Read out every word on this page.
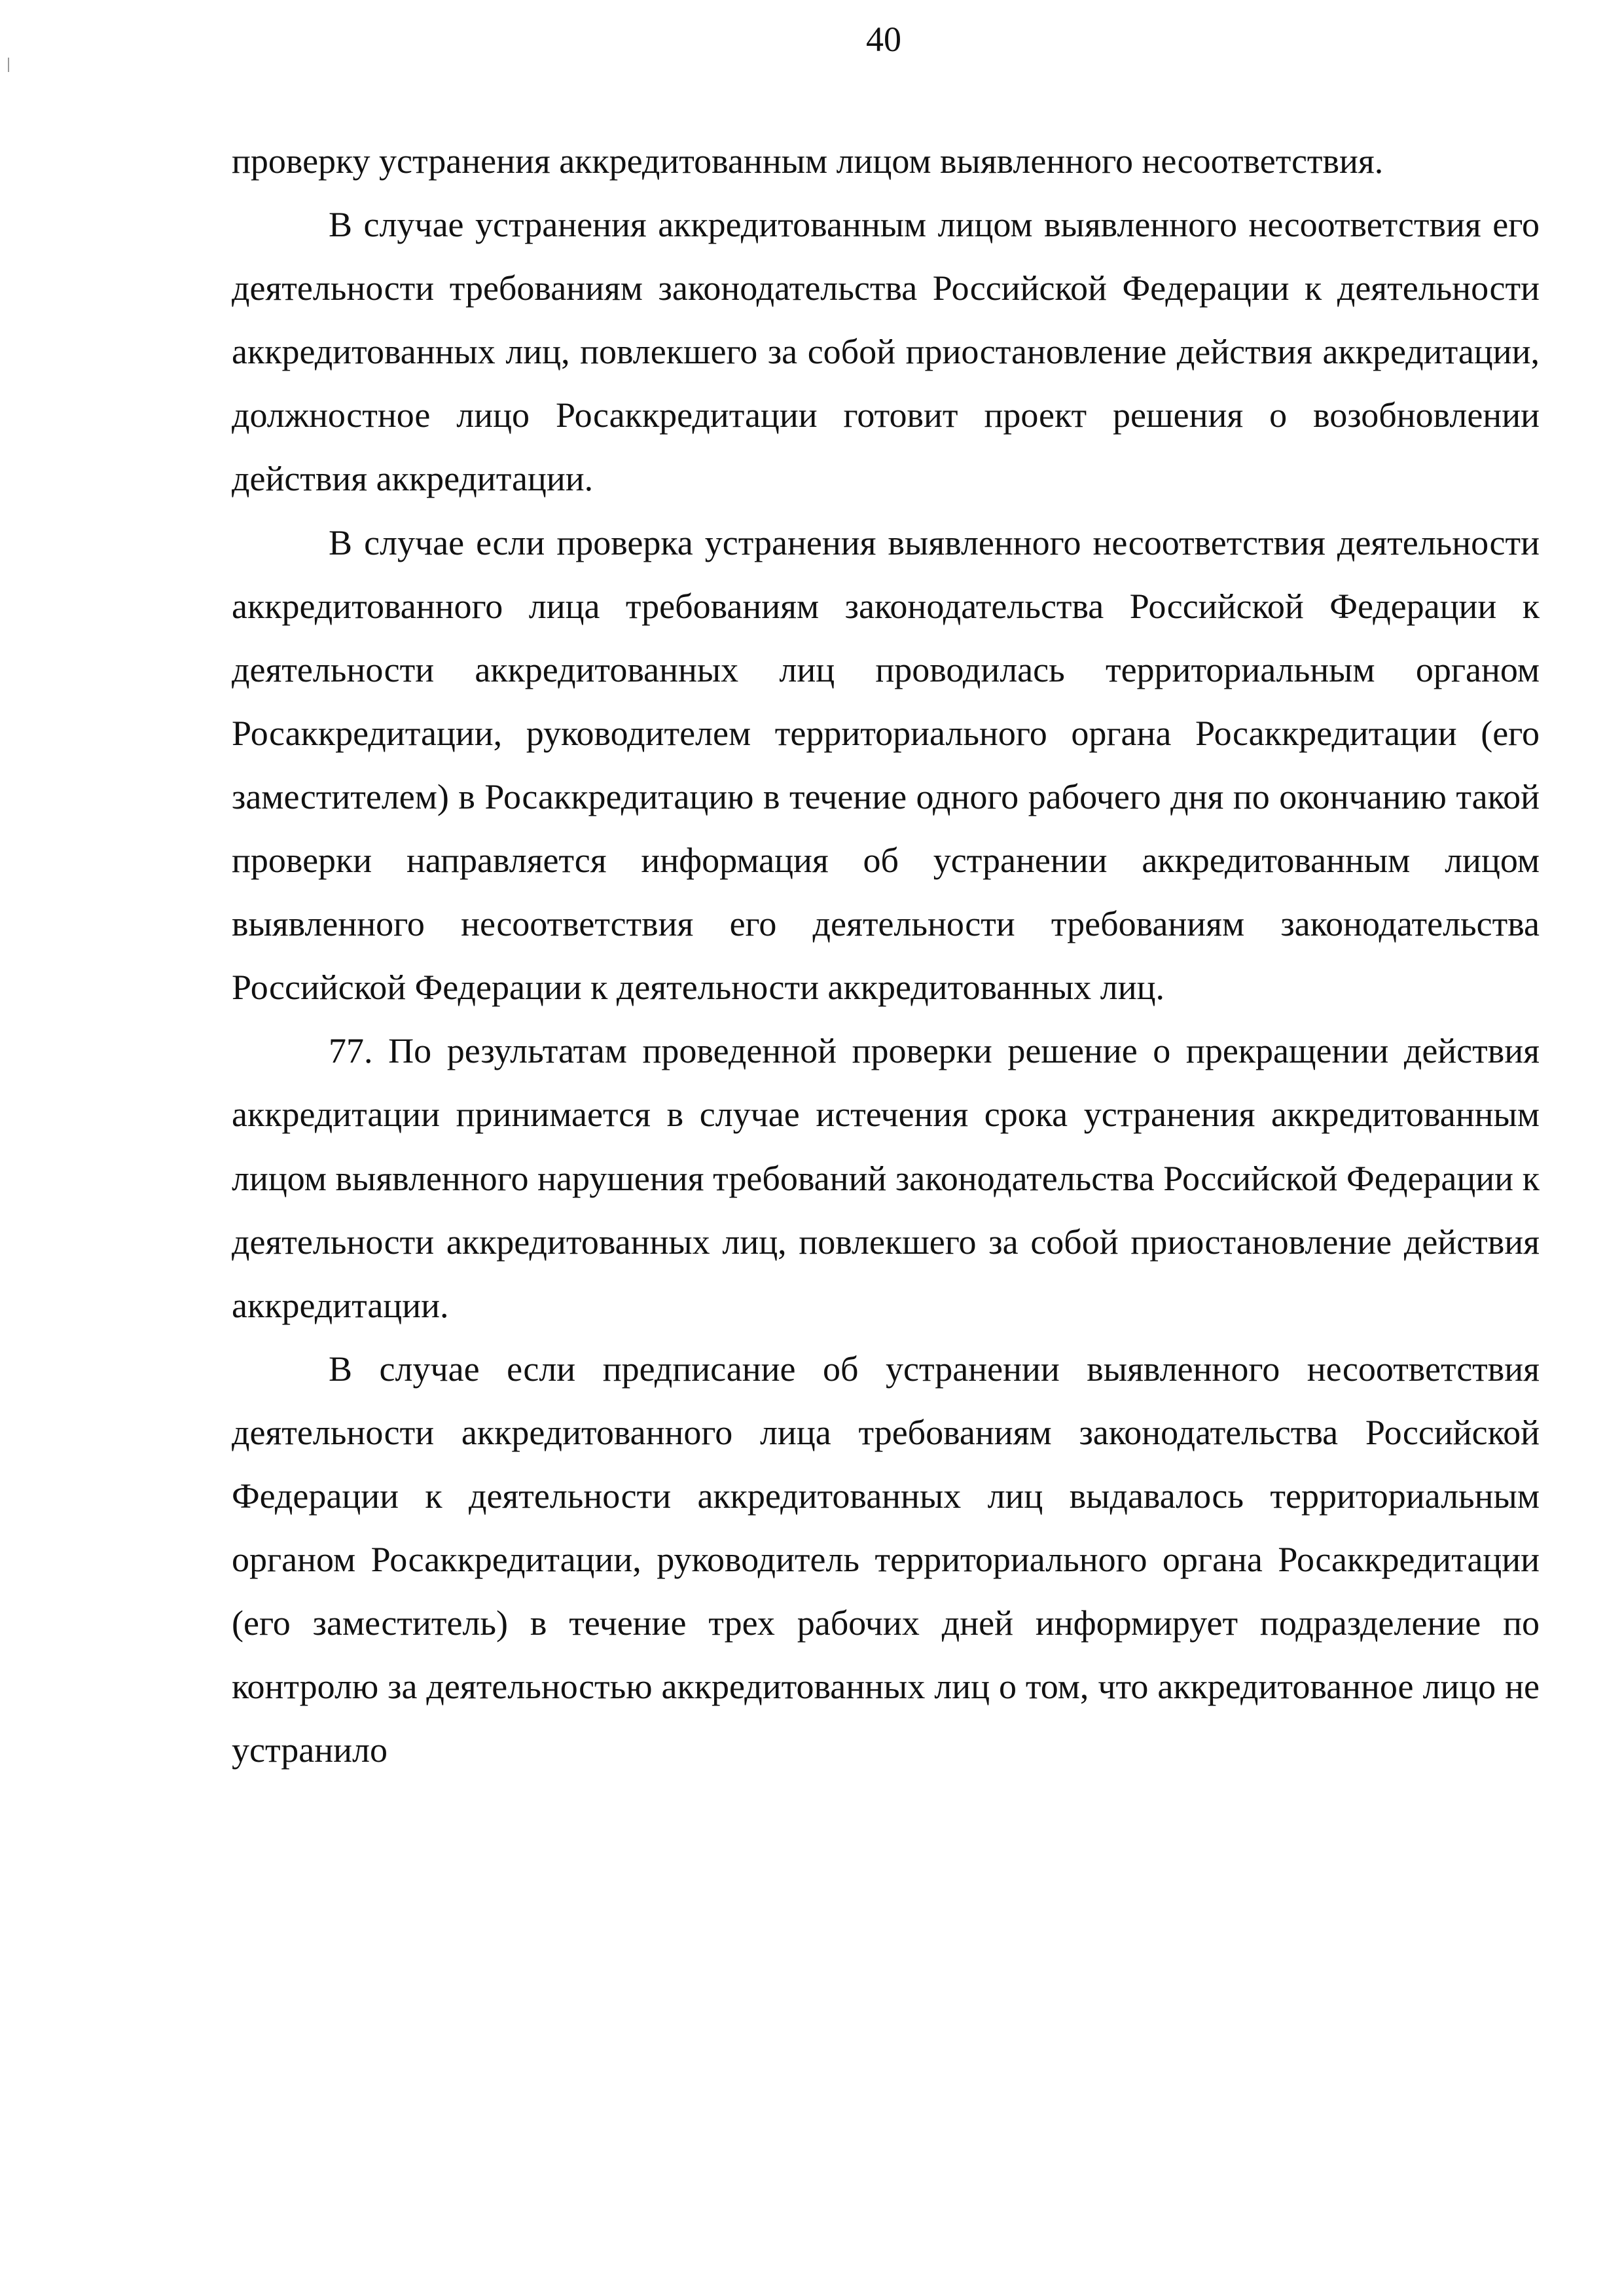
40

проверку устранения аккредитованным лицом выявленного несоответствия.

В случае устранения аккредитованным лицом выявленного несоответствия его деятельности требованиям законодательства Российской Федерации к деятельности аккредитованных лиц, повлекшего за собой приостановление действия аккредитации, должностное лицо Росаккредитации готовит проект решения о возобновлении действия аккредитации.

В случае если проверка устранения выявленного несоответствия деятельности аккредитованного лица требованиям законодательства Российской Федерации к деятельности аккредитованных лиц проводилась территориальным органом Росаккредитации, руководителем территориального органа Росаккредитации (его заместителем) в Росаккредитацию в течение одного рабочего дня по окончанию такой проверки направляется информация об устранении аккредитованным лицом выявленного несоответствия его деятельности требованиям законодательства Российской Федерации к деятельности аккредитованных лиц.

77. По результатам проведенной проверки решение о прекращении действия аккредитации принимается в случае истечения срока устранения аккредитованным лицом выявленного нарушения требований законодательства Российской Федерации к деятельности аккредитованных лиц, повлекшего за собой приостановление действия аккредитации.

В случае если предписание об устранении выявленного несоответствия деятельности аккредитованного лица требованиям законодательства Российской Федерации к деятельности аккредитованных лиц выдавалось территориальным органом Росаккредитации, руководитель территориального органа Росаккредитации (его заместитель) в течение трех рабочих дней информирует подразделение по контролю за деятельностью аккредитованных лиц о том, что аккредитованное лицо не устранило
